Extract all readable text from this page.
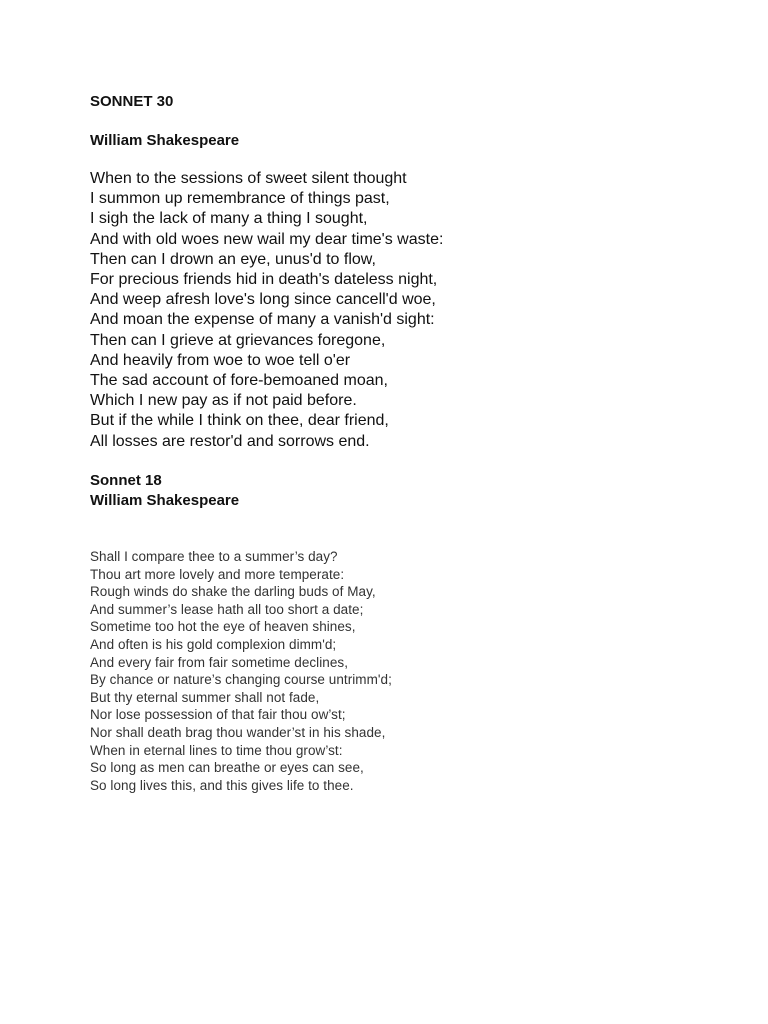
SONNET 30
William Shakespeare
When to the sessions of sweet silent thought
I summon up remembrance of things past,
I sigh the lack of many a thing I sought,
And with old woes new wail my dear time's waste:
Then can I drown an eye, unus'd to flow,
For precious friends hid in death's dateless night,
And weep afresh love's long since cancell'd woe,
And moan the expense of many a vanish'd sight:
Then can I grieve at grievances foregone,
And heavily from woe to woe tell o'er
The sad account of fore-bemoaned moan,
Which I new pay as if not paid before.
But if the while I think on thee, dear friend,
All losses are restor'd and sorrows end.
Sonnet 18
William Shakespeare
Shall I compare thee to a summer’s day?
Thou art more lovely and more temperate:
Rough winds do shake the darling buds of May,
And summer’s lease hath all too short a date;
Sometime too hot the eye of heaven shines,
And often is his gold complexion dimm'd;
And every fair from fair sometime declines,
By chance or nature’s changing course untrimm'd;
But thy eternal summer shall not fade,
Nor lose possession of that fair thou ow’st;
Nor shall death brag thou wander’st in his shade,
When in eternal lines to time thou grow’st:
So long as men can breathe or eyes can see,
So long lives this, and this gives life to thee.
